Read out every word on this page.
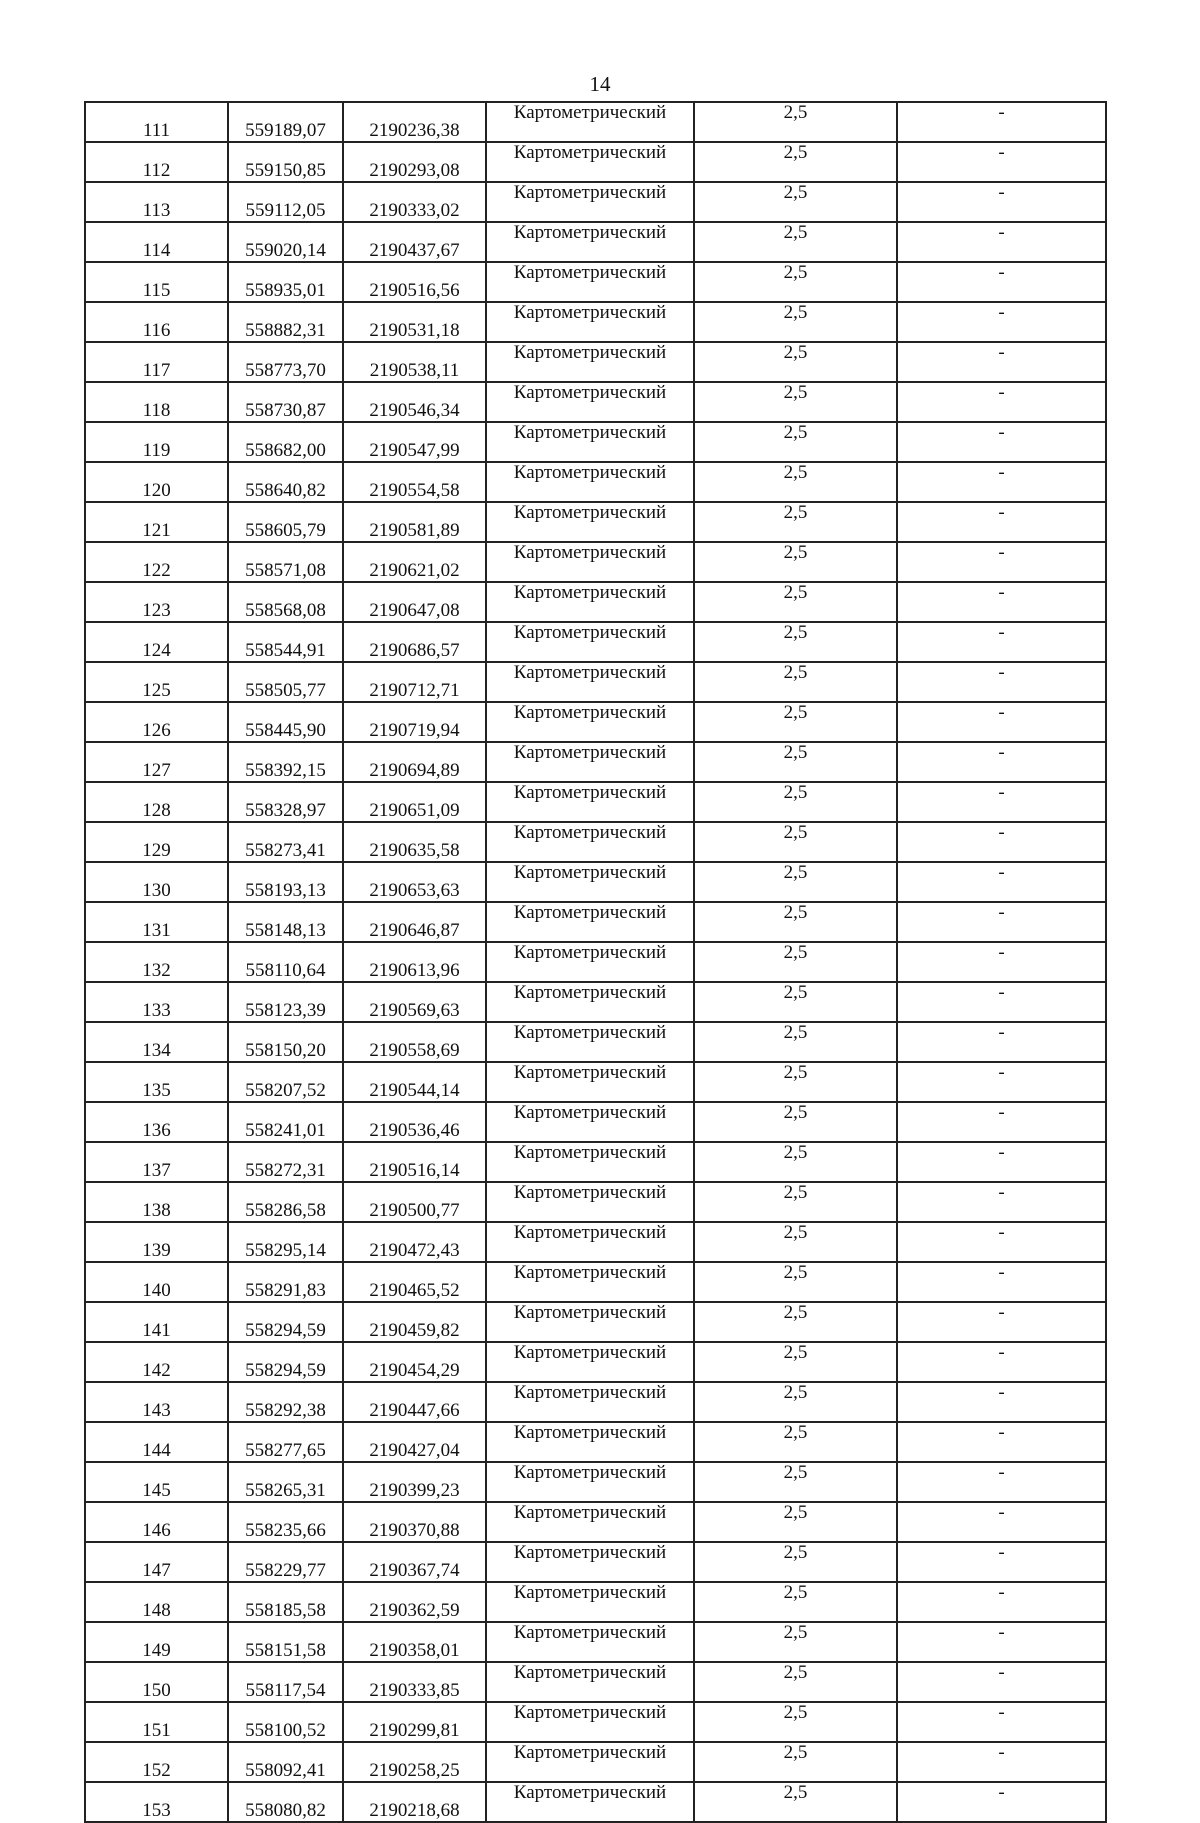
14
111	559189,07	2190236,38	Картометрический	2,5	-
112	559150,85	2190293,08	Картометрический	2,5	-
113	559112,05	2190333,02	Картометрический	2,5	-
114	559020,14	2190437,67	Картометрический	2,5	-
115	558935,01	2190516,56	Картометрический	2,5	-
116	558882,31	2190531,18	Картометрический	2,5	-
117	558773,70	2190538,11	Картометрический	2,5	-
118	558730,87	2190546,34	Картометрический	2,5	-
119	558682,00	2190547,99	Картометрический	2,5	-
120	558640,82	2190554,58	Картометрический	2,5	-
121	558605,79	2190581,89	Картометрический	2,5	-
122	558571,08	2190621,02	Картометрический	2,5	-
123	558568,08	2190647,08	Картометрический	2,5	-
124	558544,91	2190686,57	Картометрический	2,5	-
125	558505,77	2190712,71	Картометрический	2,5	-
126	558445,90	2190719,94	Картометрический	2,5	-
127	558392,15	2190694,89	Картометрический	2,5	-
128	558328,97	2190651,09	Картометрический	2,5	-
129	558273,41	2190635,58	Картометрический	2,5	-
130	558193,13	2190653,63	Картометрический	2,5	-
131	558148,13	2190646,87	Картометрический	2,5	-
132	558110,64	2190613,96	Картометрический	2,5	-
133	558123,39	2190569,63	Картометрический	2,5	-
134	558150,20	2190558,69	Картометрический	2,5	-
135	558207,52	2190544,14	Картометрический	2,5	-
136	558241,01	2190536,46	Картометрический	2,5	-
137	558272,31	2190516,14	Картометрический	2,5	-
138	558286,58	2190500,77	Картометрический	2,5	-
139	558295,14	2190472,43	Картометрический	2,5	-
140	558291,83	2190465,52	Картометрический	2,5	-
141	558294,59	2190459,82	Картометрический	2,5	-
142	558294,59	2190454,29	Картометрический	2,5	-
143	558292,38	2190447,66	Картометрический	2,5	-
144	558277,65	2190427,04	Картометрический	2,5	-
145	558265,31	2190399,23	Картометрический	2,5	-
146	558235,66	2190370,88	Картометрический	2,5	-
147	558229,77	2190367,74	Картометрический	2,5	-
148	558185,58	2190362,59	Картометрический	2,5	-
149	558151,58	2190358,01	Картометрический	2,5	-
150	558117,54	2190333,85	Картометрический	2,5	-
151	558100,52	2190299,81	Картометрический	2,5	-
152	558092,41	2190258,25	Картометрический	2,5	-
153	558080,82	2190218,68	Картометрический	2,5	-
